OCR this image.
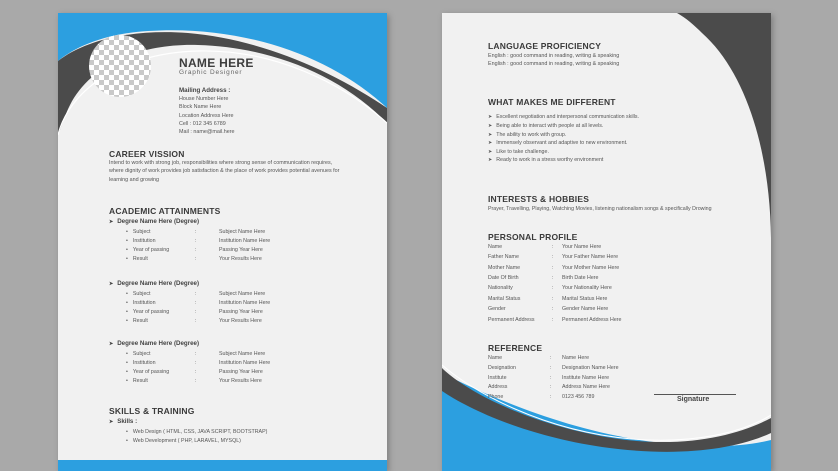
NAME HERE
Graphic Designer
Mailing Address :
House Number Here
Block Name Here
Location Address Here
Cell : 012 345 6789
Mail : name@mail.here
CAREER VISSION
Intend to work with strong job, responsibilities where strong sense of communication requires,
where dignity of work provides job satisfaction & the place of work provides potential avenues for
learning and growing
ACADEMIC ATTAINMENTS
➤ Degree Name Here (Degree)
• Subject	:	Subject Name Here
• Institution	:	Institution Name Here
• Year of passing	:	Passing Year Here
• Result	:	Your Results Here
➤ Degree Name Here (Degree)
• Subject	:	Subject Name Here
• Institution	:	Institution Name Here
• Year of passing	:	Passing Year Here
• Result	:	Your Results Here
➤ Degree Name Here (Degree)
• Subject	:	Subject Name Here
• Institution	:	Institution Name Here
• Year of passing	:	Passing Year Here
• Result	:	Your Results Here
SKILLS & TRAINING
➤ Skills :
• Web Design ( HTML, CSS, JAVA SCRIPT, BOOTSTRAP)
• Web Development ( PHP, LARAVEL, MYSQL)
LANGUAGE PROFICIENCY
English : good command in reading, writing & speaking
English : good command in reading, writing & speaking
WHAT MAKES ME DIFFERENT
➤ Excellent negotiation and interpersonal communication skills.
➤ Being able to interact with people at all levels.
➤ The ability to work with group.
➤ Immensely observant and adaptive to new environment.
➤ Like to take challenge.
➤ Ready to work in a stress worthy environment
INTERESTS & HOBBIES
Prayer, Travelling, Playing, Watching Movies, listening nationalism songs & specifically Drowing
PERSONAL PROFILE
Name	: Your Name Here
Father Name	: Your Father Name Here
Mother Name	: Your Mother Name Here
Date Of Birth	: Birth Date Here
Nationality	: Your Nationality Here
Marital Status	: Marital Status Here
Gender	: Gender Name Here
Permanent Address	: Permanent Address Here
REFERENCE
Name	: Name Here
Designation	: Designation Name Here
Institute	: Institute Name Here
Address	: Address Name Here
Phone	: 0123 456 789	Signature
